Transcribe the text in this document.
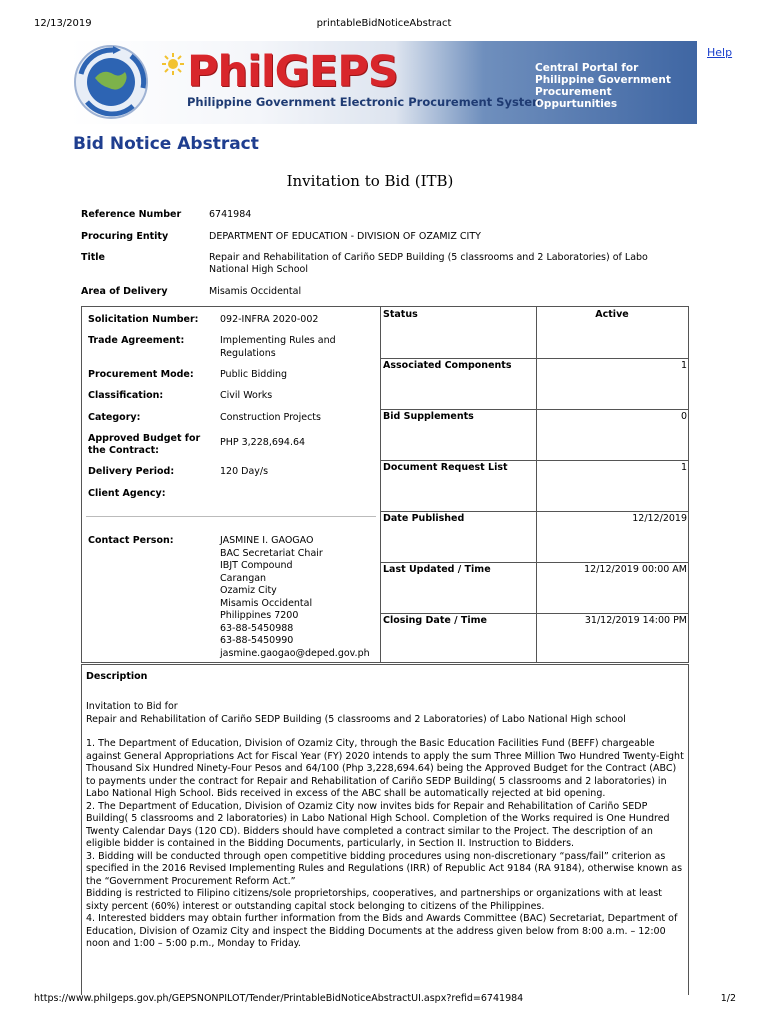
12/13/2019	printableBidNoticeAbstract
Help
PhilGEPS
Philippine Government Electronic Procurement System
Central Portal for
Philippine Government
Procurement Oppurtunities
Bid Notice Abstract
Invitation to Bid (ITB)
Reference Number	6741984
Procuring Entity	DEPARTMENT OF EDUCATION - DIVISION OF OZAMIZ CITY
Title	Repair and Rehabilitation of Cariño SEDP Building (5 classrooms and 2 Laboratories) of Labo National High School
Area of Delivery	Misamis Occidental
Solicitation Number:	092-INFRA 2020-002
Trade Agreement:	Implementing Rules and Regulations
Procurement Mode:	Public Bidding
Classification:	Civil Works
Category:	Construction Projects
Approved Budget for the Contract:
PHP 3,228,694.64
Delivery Period:	120 Day/s
Client Agency:
Contact Person:	JASMINE I. GAOGAO
BAC Secretariat Chair
IBJT Compound
Carangan
Ozamiz City
Misamis Occidental
Philippines 7200
63-88-5450988
63-88-5450990
jasmine.gaogao@deped.gov.ph
Status	Active
Associated Components	1
Bid Supplements	0
Document Request List	1
Date Published	12/12/2019
Last Updated / Time	12/12/2019 00:00 AM
Closing Date / Time	31/12/2019 14:00 PM
Description

Invitation to Bid for
Repair and Rehabilitation of Cariño SEDP Building (5 classrooms and 2 Laboratories) of Labo National High school

1. The Department of Education, Division of Ozamiz City, through the Basic Education Facilities Fund (BEFF) chargeable against General Appropriations Act for Fiscal Year (FY) 2020 intends to apply the sum Three Million Two Hundred Twenty-Eight Thousand Six Hundred Ninety-Four Pesos and 64/100 (Php 3,228,694.64) being the Approved Budget for the Contract (ABC) to payments under the contract for Repair and Rehabilitation of Cariño SEDP Building( 5 classrooms and 2 laboratories) in Labo National High School. Bids received in excess of the ABC shall be automatically rejected at bid opening.

2. The Department of Education, Division of Ozamiz City now invites bids for Repair and Rehabilitation of Cariño SEDP Building( 5 classrooms and 2 laboratories) in Labo National High School. Completion of the Works required is One Hundred Twenty Calendar Days (120 CD). Bidders should have completed a contract similar to the Project. The description of an eligible bidder is contained in the Bidding Documents, particularly, in Section II. Instruction to Bidders.

3. Bidding will be conducted through open competitive bidding procedures using non-discretionary “pass/fail” criterion as specified in the 2016 Revised Implementing Rules and Regulations (IRR) of Republic Act 9184 (RA 9184), otherwise known as the “Government Procurement Reform Act.”

Bidding is restricted to Filipino citizens/sole proprietorships, cooperatives, and partnerships or organizations with at least sixty percent (60%) interest or outstanding capital stock belonging to citizens of the Philippines.

4. Interested bidders may obtain further information from the Bids and Awards Committee (BAC) Secretariat, Department of Education, Division of Ozamiz City and inspect the Bidding Documents at the address given below from 8:00 a.m. – 12:00 noon and 1:00 – 5:00 p.m., Monday to Friday.

https://www.philgeps.gov.ph/GEPSNONPILOT/Tender/PrintableBidNoticeAbstractUI.aspx?refid=6741984	1/2
